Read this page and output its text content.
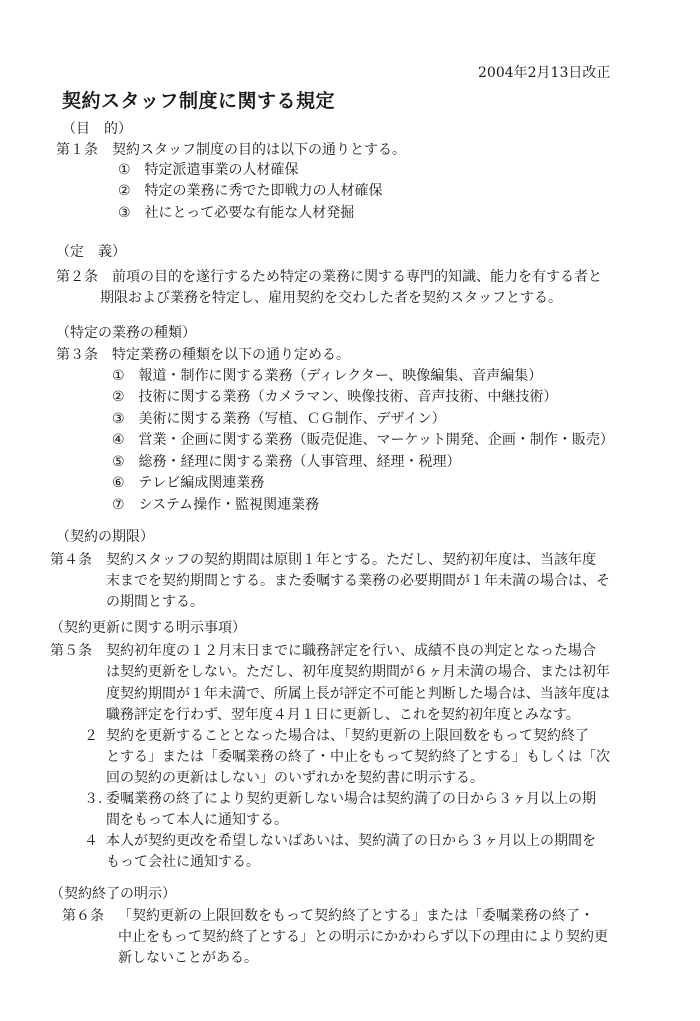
2004年2月13日改正
契約スタッフ制度に関する規定
（目　的）
第１条 契約スタッフ制度の目的は以下の通りとする。
①　特定派遣事業の人材確保
②　特定の業務に秀でた即戦力の人材確保
③　社にとって必要な有能な人材発掘
（定　義）
第２条 前項の目的を遂行するため特定の業務に関する専門的知識、能力を有する者と
期限および業務を特定し、雇用契約を交わした者を契約スタッフとする。
（特定の業務の種類）
第３条 特定業務の種類を以下の通り定める。
①　報道・制作に関する業務（ディレクター、映像編集、音声編集）
②　技術に関する業務（カメラマン、映像技術、音声技術、中継技術）
③　美術に関する業務（写植、ＣＧ制作、デザイン）
④　営業・企画に関する業務（販売促進、マーケット開発、企画・制作・販売）
⑤　総務・経理に関する業務（人事管理、経理・税理）
⑥　テレビ編成関連業務
⑦　システム操作・監視関連業務
（契約の期限）
第４条 契約スタッフの契約期間は原則１年とする。ただし、契約初年度は、当該年度
末までを契約期間とする。また委嘱する業務の必要期間が１年未満の場合は、そ
の期間とする。
（契約更新に関する明示事項）
第５条 契約初年度の１２月末日までに職務評定を行い、成績不良の判定となった場合
は契約更新をしない。ただし、初年度契約期間が６ヶ月未満の場合、または初年
度契約期間が１年未満で、所属上長が評定不可能と判断した場合は、当該年度は
職務評定を行わず、翌年度４月１日に更新し、これを契約初年度とみなす。
２ 契約を更新することとなった場合は、「契約更新の上限回数をもって契約終了
とする」または「委嘱業務の終了・中止をもって契約終了とする」もしくは「次
回の契約の更新はしない」のいずれかを契約書に明示する。
３. 委嘱業務の終了により契約更新しない場合は契約満了の日から３ヶ月以上の期
間をもって本人に通知する。
４ 本人が契約更改を希望しないばあいは、契約満了の日から３ヶ月以上の期間を
もって会社に通知する。
（契約終了の明示）
第６条 「契約更新の上限回数をもって契約終了とする」または「委嘱業務の終了・
中止をもって契約終了とする」との明示にかかわらず以下の理由により契約更
新しないことがある。
